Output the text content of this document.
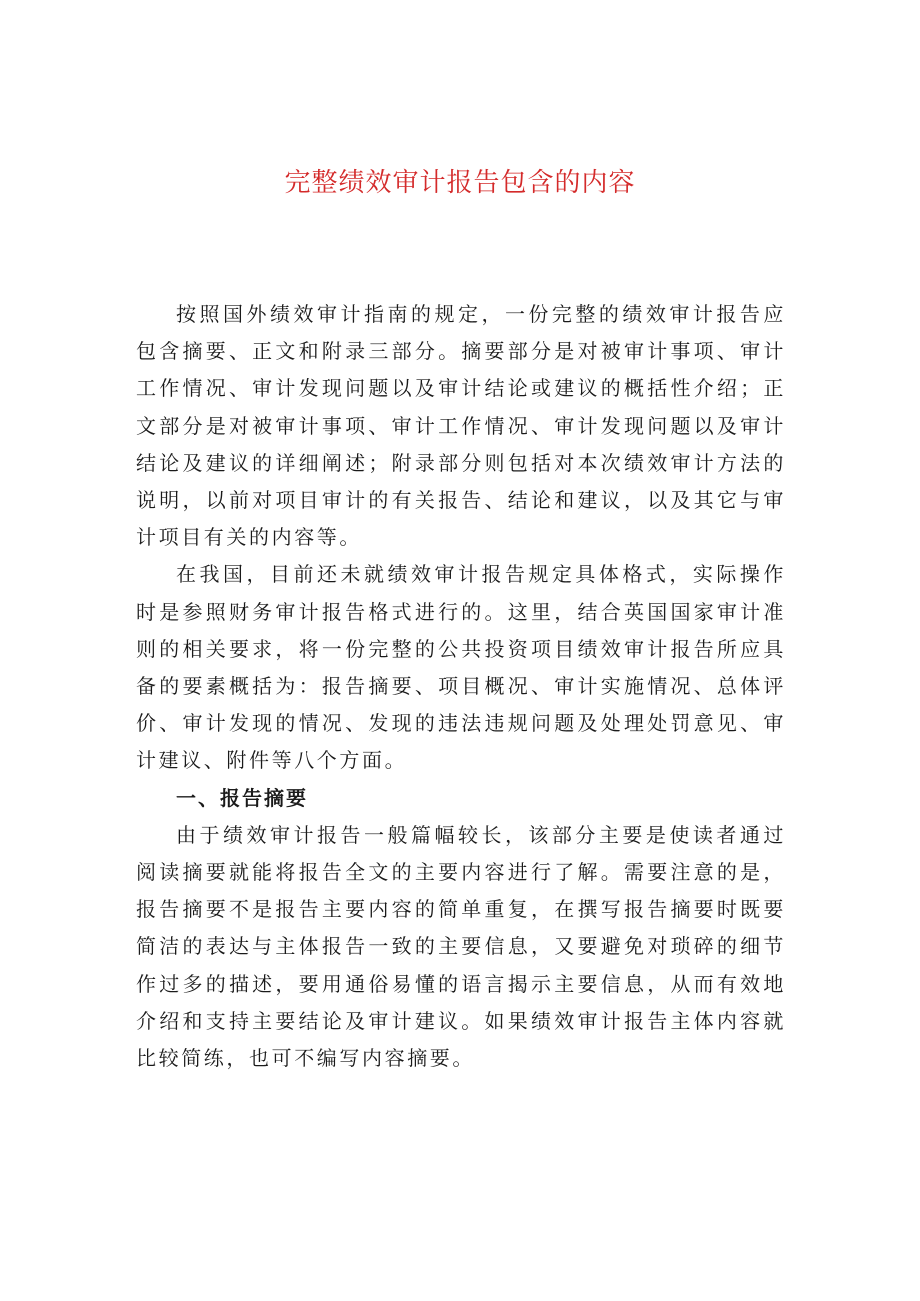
完整绩效审计报告包含的内容

按照国外绩效审计指南的规定，一份完整的绩效审计报告应包含摘要、正文和附录三部分。摘要部分是对被审计事项、审计工作情况、审计发现问题以及审计结论或建议的概括性介绍；正文部分是对被审计事项、审计工作情况、审计发现问题以及审计结论及建议的详细阐述；附录部分则包括对本次绩效审计方法的说明，以前对项目审计的有关报告、结论和建议，以及其它与审计项目有关的内容等。

在我国，目前还未就绩效审计报告规定具体格式，实际操作时是参照财务审计报告格式进行的。这里，结合英国国家审计准则的相关要求，将一份完整的公共投资项目绩效审计报告所应具备的要素概括为：报告摘要、项目概况、审计实施情况、总体评价、审计发现的情况、发现的违法违规问题及处理处罚意见、审计建议、附件等八个方面。

一、报告摘要

由于绩效审计报告一般篇幅较长，该部分主要是使读者通过阅读摘要就能将报告全文的主要内容进行了解。需要注意的是，报告摘要不是报告主要内容的简单重复，在撰写报告摘要时既要简洁的表达与主体报告一致的主要信息，又要避免对琐碎的细节作过多的描述，要用通俗易懂的语言揭示主要信息，从而有效地介绍和支持主要结论及审计建议。如果绩效审计报告主体内容就比较简练，也可不编写内容摘要。
